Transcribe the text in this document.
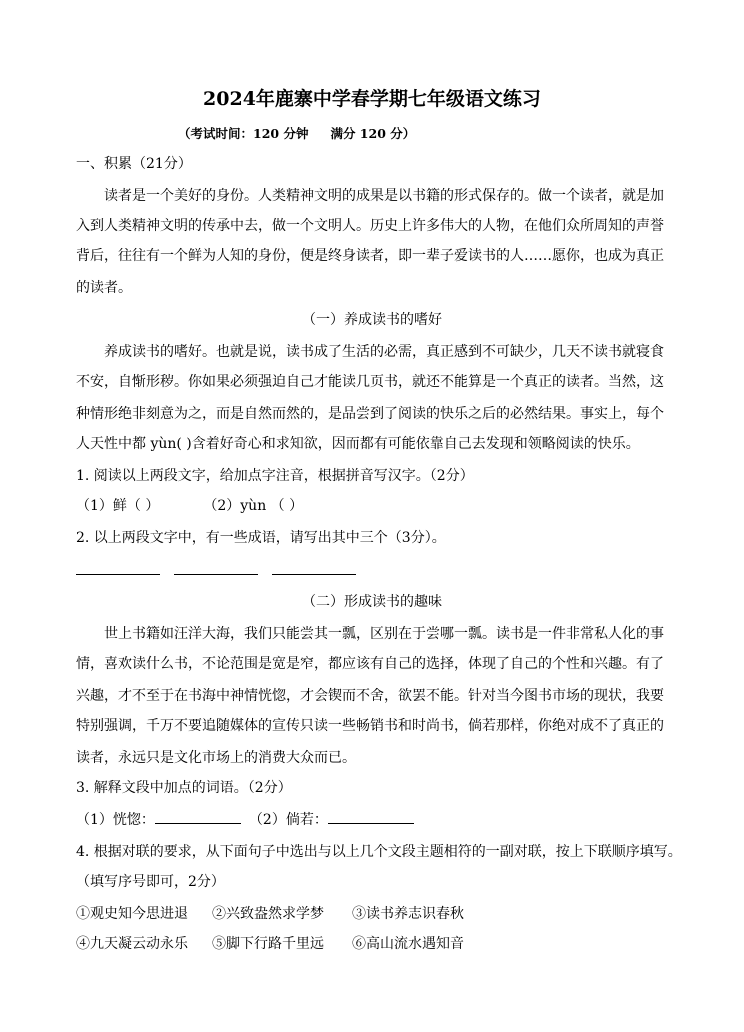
2024年鹿寨中学春学期七年级语文练习
（考试时间：120 分钟 满分 120 分）
一、积累（21分）
读者是一个美好的身份。人类精神文明的成果是以书籍的形式保存的。做一个读者，就是加
入到人类精神文明的传承中去，做一个文明人。历史上许多伟大的人物，在他们众所周知的声誉
背后，往往有一个鲜为人知的身份，便是终身读者，即一辈子爱读书的人……愿你，也成为真正
的读者。
（一）养成读书的嗜好
养成读书的嗜好。也就是说，读书成了生活的必需，真正感到不可缺少，几天不读书就寝食
不安，自惭形秽。你如果必须强迫自己才能读几页书，就还不能算是一个真正的读者。当然，这
种情形绝非刻意为之，而是自然而然的，是品尝到了阅读的快乐之后的必然结果。事实上，每个
人天性中都 yùn( )含着好奇心和求知欲，因而都有可能依靠自己去发现和领略阅读的快乐。
1. 阅读以上两段文字，给加点字注音，根据拼音写汉字。（2分）
（1）鲜（ ）	（2）yùn （ ）
2. 以上两段文字中，有一些成语，请写出其中三个（3分）。
（二）形成读书的趣味
世上书籍如汪洋大海，我们只能尝其一瓢，区别在于尝哪一瓢。读书是一件非常私人化的事
情，喜欢读什么书，不论范围是宽是窄，都应该有自己的选择，体现了自己的个性和兴趣。有了
兴趣，才不至于在书海中神情恍惚，才会锲而不舍，欲罢不能。针对当今图书市场的现状，我要
特别强调，千万不要追随媒体的宣传只读一些畅销书和时尚书，倘若那样，你绝对成不了真正的
读者，永远只是文化市场上的消费大众而已。
3. 解释文段中加点的词语。（2分）
（1）恍惚：	（2）倘若：
4. 根据对联的要求，从下面句子中选出与以上几个文段主题相符的一副对联，按上下联顺序填写。
（填写序号即可，2分）
①观史知今思进退 ②兴致盎然求学梦 ③读书养志识春秋
④九天凝云动永乐 ⑤脚下行路千里远 ⑥高山流水遇知音
